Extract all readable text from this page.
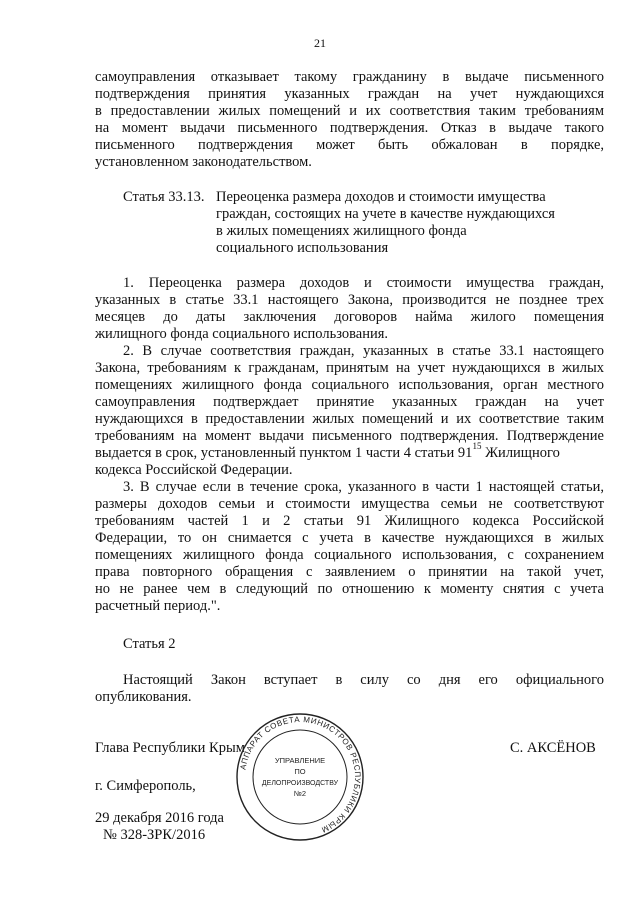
21
самоуправления отказывает такому гражданину в выдаче письменного
подтверждения принятия указанных граждан на учет нуждающихся
в предоставлении жилых помещений и их соответствия таким требованиям
на момент выдачи письменного подтверждения. Отказ в выдаче такого
письменного подтверждения может быть обжалован в порядке,
установленном законодательством.
Статья 33.13. Переоценка размера доходов и стоимости имущества
граждан, состоящих на учете в качестве нуждающихся
в жилых помещениях жилищного фонда
социального использования
1. Переоценка размера доходов и стоимости имущества граждан,
указанных в статье 33.1 настоящего Закона, производится не позднее трех
месяцев до даты заключения договоров найма жилого помещения
жилищного фонда социального использования.
2. В случае соответствия граждан, указанных в статье 33.1 настоящего
Закона, требованиям к гражданам, принятым на учет нуждающихся в жилых
помещениях жилищного фонда социального использования, орган местного
самоуправления подтверждает принятие указанных граждан на учет
нуждающихся в предоставлении жилых помещений и их соответствие таким
требованиям на момент выдачи письменного подтверждения. Подтверждение
выдается в срок, установленный пунктом 1 части 4 статьи $91^{15}$ Жилищного
кодекса Российской Федерации.
3. В случае если в течение срока, указанного в части 1 настоящей статьи,
размеры доходов семьи и стоимости имущества семьи не соответствуют
требованиям частей 1 и 2 статьи 91 Жилищного кодекса Российской
Федерации, то он снимается с учета в качестве нуждающихся в жилых
помещениях жилищного фонда социального использования, с сохранением
права повторного обращения с заявлением о принятии на такой учет,
но не ранее чем в следующий по отношению к моменту снятия с учета
расчетный период.".
Статья 2
Настоящий Закон вступает в силу со дня его официального
опубликования.
Глава Республики Крым	С. АКСЁНОВ
г. Симферополь,
29 декабря 2016 года
№ 328-ЗРК/2016
АППАРАТ СОВЕТА МИНИСТРОВ РЕСПУБЛИКИ КРЫМ
УПРАВЛЕНИЕ
ПО
ДЕЛОПРОИЗВОДСТВУ
№2
